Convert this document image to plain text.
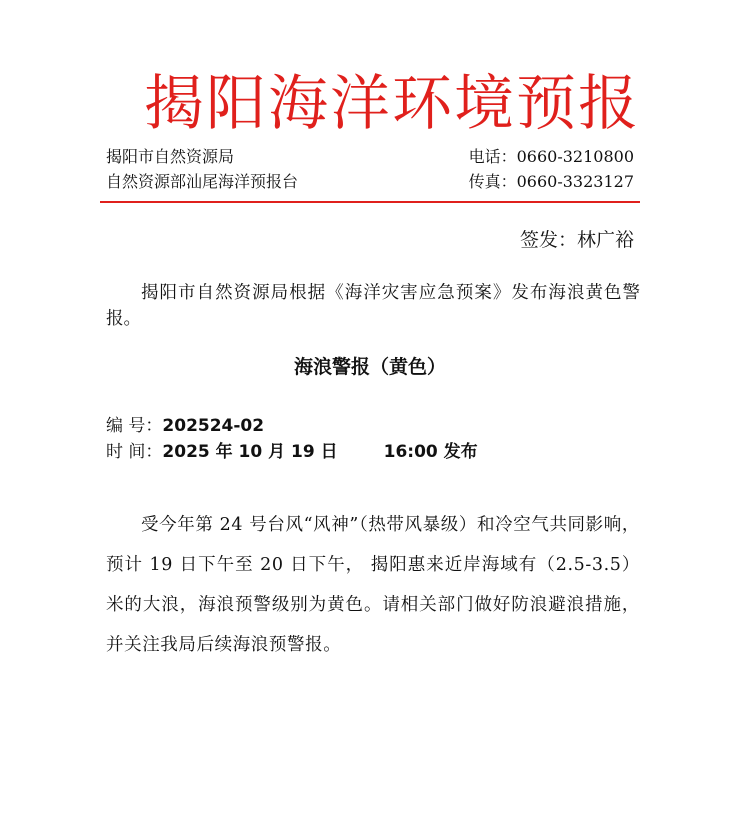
揭阳海洋环境预报
揭阳市自然资源局
自然资源部汕尾海洋预报台
电话：0660-3210800
传真：0660-3323127
签发：林广裕
揭阳市自然资源局根据《海洋灾害应急预案》发布海浪黄色警报。
海浪警报（黄色）
编 号：202524-02
时 间：2025 年 10 月 19 日	16:00 发布
受今年第 24 号台风“风神”（热带风暴级）和冷空气共同影响，预计 19 日下午至 20 日下午， 揭阳惠来近岸海域有（2.5-3.5）米的大浪，海浪预警级别为黄色。请相关部门做好防浪避浪措施，并关注我局后续海浪预警报。
